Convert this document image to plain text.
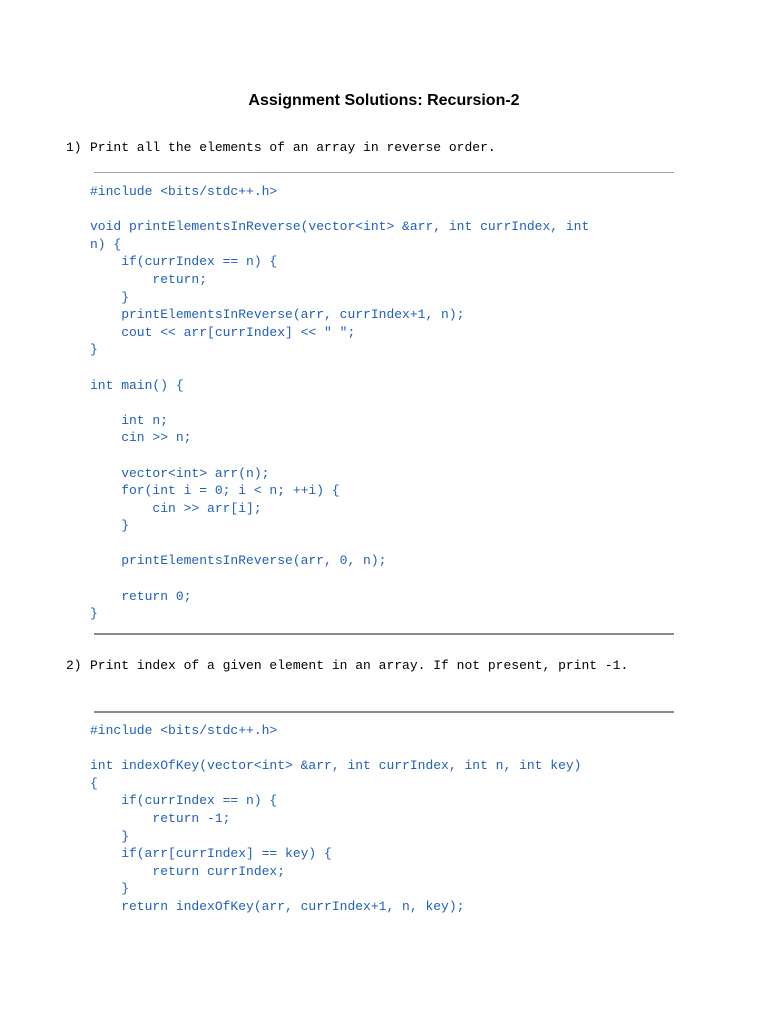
Assignment Solutions: Recursion-2
1) Print all the elements of an array in reverse order.
#include <bits/stdc++.h>
void printElementsInReverse(vector<int> &arr, int currIndex, int
n) {
if(currIndex == n) {
return;
}
printElementsInReverse(arr, currIndex+1, n);
cout << arr[currIndex] << " ";
}
int main() {
int n;
cin >> n;
vector<int> arr(n);
for(int i = 0; i < n; ++i) {
cin >> arr[i];
}
printElementsInReverse(arr, 0, n);
return 0;
}
2) Print index of a given element in an array. If not present, print -1.
#include <bits/stdc++.h>
int indexOfKey(vector<int> &arr, int currIndex, int n, int key)
{
if(currIndex == n) {
return -1;
}
if(arr[currIndex] == key) {
return currIndex;
}
return indexOfKey(arr, currIndex+1, n, key);
